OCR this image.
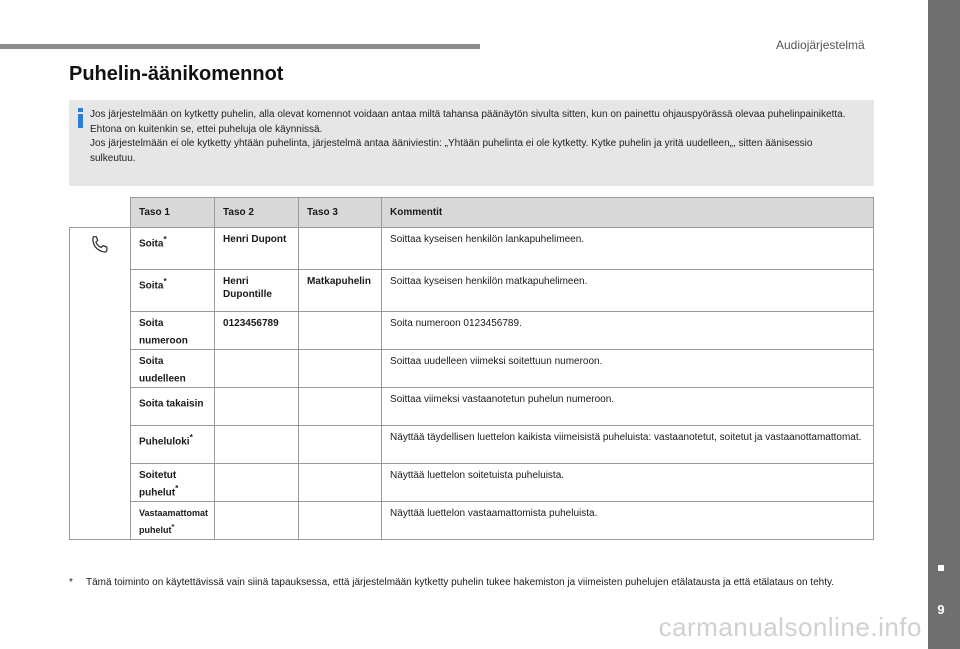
Audiojärjestelmä
9
Puhelin-äänikomennot

Jos järjestelmään on kytketty puhelin, alla olevat komennot voidaan antaa miltä tahansa päänäytön sivulta sitten, kun on painettu ohjauspyörässä olevaa puhelinpainiketta. Ehtona on kuitenkin se, ettei puheluja ole käynnissä.

Jos järjestelmään ei ole kytketty yhtään puhelinta, järjestelmä antaa ääniviestin: „Yhtään puhelinta ei ole kytketty. Kytke puhelin ja yritä uudelleen„, sitten äänisessio sulkeutuu.

	Taso 1	Taso 2	Taso 3	Kommentit

	Soita*	Henri Dupont		Soittaa kyseisen henkilön lankapuhelimeen.
	Soita*	Henri Dupontille	Matkapuhelin	Soittaa kyseisen henkilön matkapuhelimeen.
	Soita numeroon	0123456789		Soita numeroon 0123456789.
	Soita uudelleen			Soittaa uudelleen viimeksi soitettuun numeroon.
	Soita takaisin			Soittaa viimeksi vastaanotetun puhelun numeroon.
	Puheluloki*			Näyttää täydellisen luettelon kaikista viimeisistä puheluista: vastaanotetut, soitetut ja vastaanottamattomat.
	Soitetut puhelut*			Näyttää luettelon soitetuista puheluista.
	Vastaamattomat puhelut*			Näyttää luettelon vastaamattomista puheluista.
* Tämä toiminto on käytettävissä vain siinä tapauksessa, että järjestelmään kytketty puhelin tukee hakemiston ja viimeisten puhelujen etälatausta ja että etälataus on tehty.
carmanualsonline.info
